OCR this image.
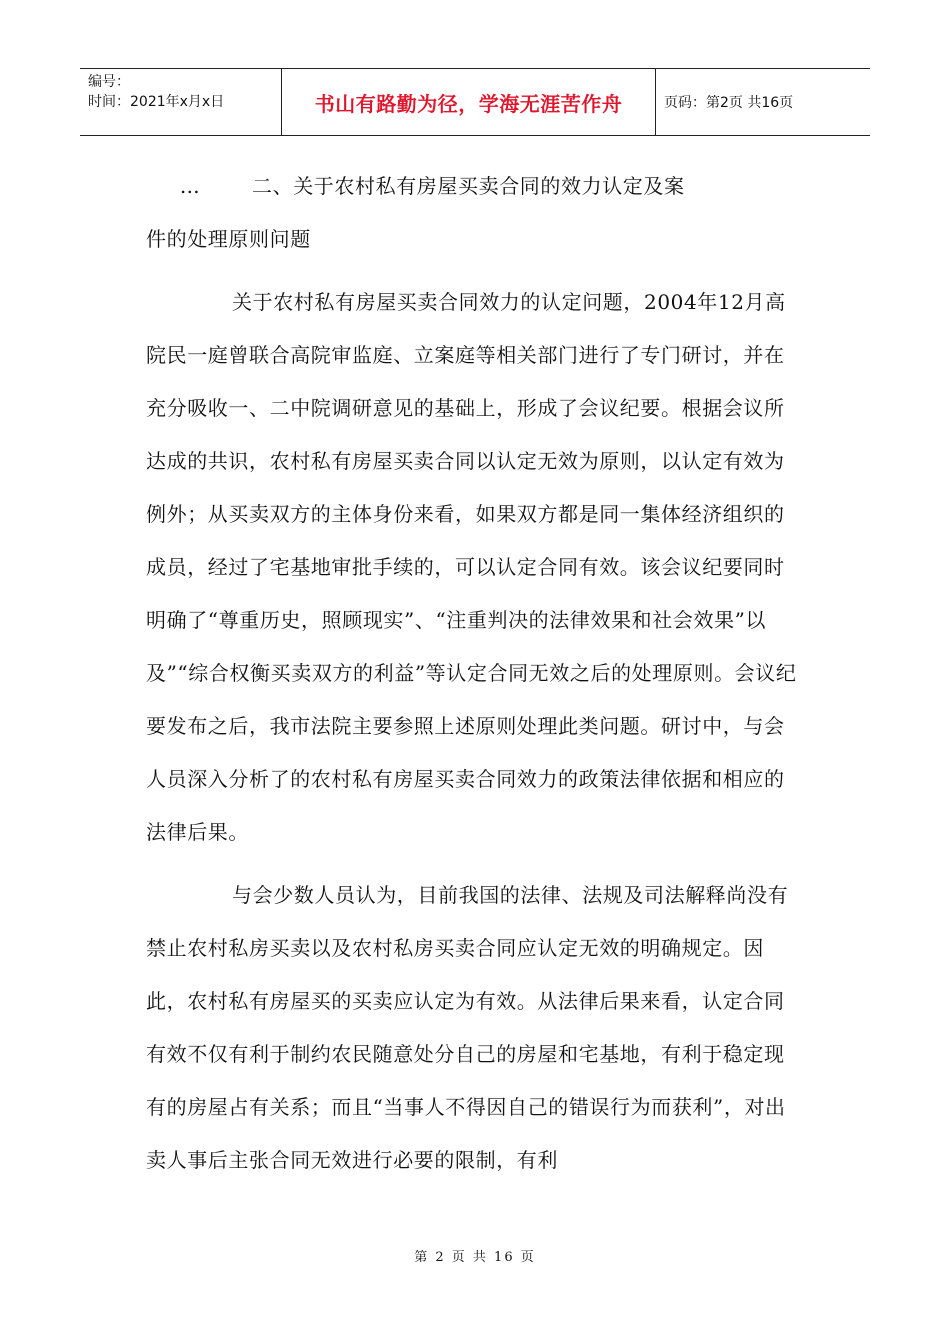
编号：
时间：2021年x月x日	书山有路勤为径，学海无涯苦作舟	页码：第2页 共16页

…	二、关于农村私有房屋买卖合同的效力认定及案

件的处理原则问题

关于农村私有房屋买卖合同效力的认定问题，2004年12月高院民一庭曾联合高院审监庭、立案庭等相关部门进行了专门研讨，并在充分吸收一、二中院调研意见的基础上，形成了会议纪要。根据会议所达成的共识，农村私有房屋买卖合同以认定无效为原则，以认定有效为例外；从买卖双方的主体身份来看，如果双方都是同一集体经济组织的成员，经过了宅基地审批手续的，可以认定合同有效。该会议纪要同时明确了“尊重历史，照顾现实”、“注重判决的法律效果和社会效果”以及”“综合权衡买卖双方的利益”等认定合同无效之后的处理原则。会议纪要发布之后，我市法院主要参照上述原则处理此类问题。研讨中，与会人员深入分析了的农村私有房屋买卖合同效力的政策法律依据和相应的法律后果。

与会少数人员认为，目前我国的法律、法规及司法解释尚没有禁止农村私房买卖以及农村私房买卖合同应认定无效的明确规定。因此，农村私有房屋买的买卖应认定为有效。从法律后果来看，认定合同有效不仅有利于制约农民随意处分自己的房屋和宅基地，有利于稳定现有的房屋占有关系；而且“当事人不得因自己的错误行为而获利”，对出卖人事后主张合同无效进行必要的限制，有利

第 2 页 共 16 页
